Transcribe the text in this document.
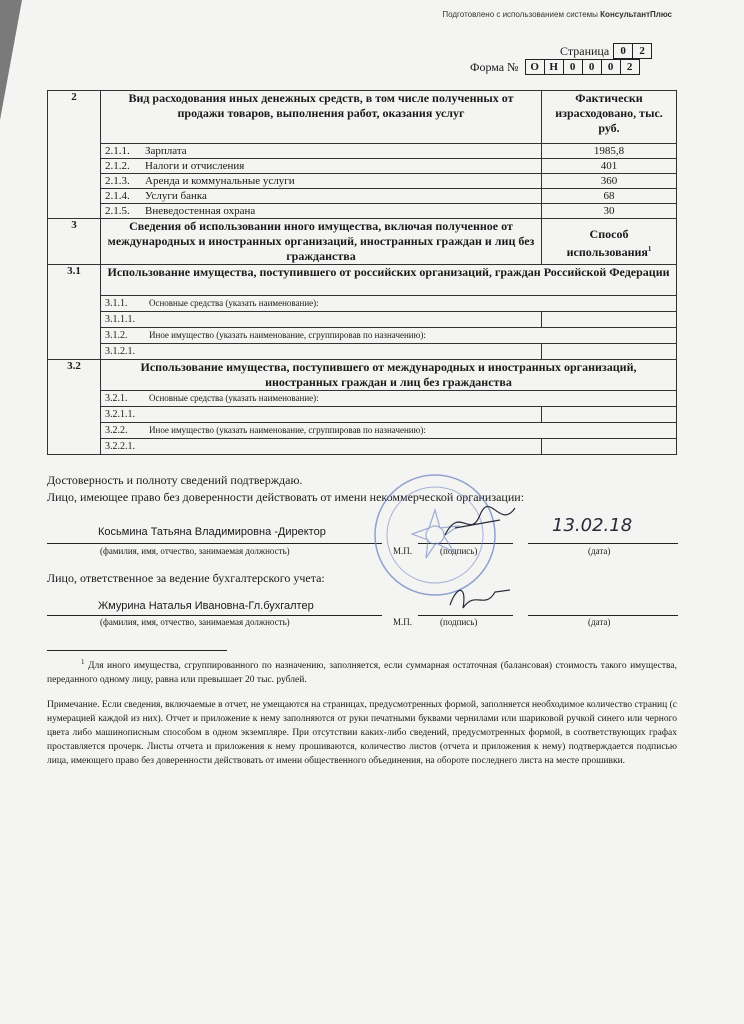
Подготовлено с использованием системы КонсультантПлюс
Страница	0	2
Форма №	О Н	0	0	0	2
2	Вид расходования иных денежных средств, в том числе полученных от продажи товаров, выполнения работ, оказания услуг	Фактически израсходовано, тыс. руб.
	2.1.1. Зарплата	1985,8
	2.1.2. Налоги и отчисления	401
	2.1.3. Аренда и коммунальные услуги	360
	2.1.4. Услуги банка	68
	2.1.5. Вневедостенная охрана	30
3	Сведения об использовании иного имущества, включая полученное от международных и иностранных организаций, иностранных граждан и лиц без гражданства	Способ использования$^1$
3.1	Использование имущества, поступившего от российских организаций, граждан Российской Федерации	
	3.1.1. Основные средства (указать наименование):	
	3.1.1.1.	
	3.1.2. Иное имущество (указать наименование, сгруппировав по назначению):	
	3.1.2.1.	
3.2	Использование имущества, поступившего от международных и иностранных организаций, иностранных граждан и лиц без гражданства	
	3.2.1. Основные средства (указать наименование):	
	3.2.1.1.	
	3.2.2. Иное имущество (указать наименование, сгруппировав по назначению):	
	3.2.2.1.	
Достоверность и полноту сведений подтверждаю.
Лицо, имеющее право без доверенности действовать от имени некоммерческой организации:
Косьмина Татьяна Владимировна -Директор	13.02.18
(фамилия, имя, отчество, занимаемая должность)	М.П.	(подпись)	(дата)
Лицо, ответственное за ведение бухгалтерского учета:
Жмурина Наталья Ивановна-Гл.бухгалтер
(фамилия, имя, отчество, занимаемая должность)	М.П.	(подпись)	(дата)
$^1$ Для иного имущества, сгруппированного по назначению, заполняется, если суммарная остаточная (балансовая) стоимость такого имущества, переданного одному лицу, равна или превышает 20 тыс. рублей.
Примечание. Если сведения, включаемые в отчет, не умещаются на страницах, предусмотренных формой, заполняется необходимое количество страниц (с нумерацией каждой из них). Отчет и приложение к нему заполняются от руки печатными буквами чернилами или шариковой ручкой синего или черного цвета либо машинописным способом в одном экземпляре. При отсутствии каких-либо сведений, предусмотренных формой, в соответствующих графах проставляется прочерк. Листы отчета и приложения к нему прошиваются, количество листов (отчета и приложения к нему) подтверждается подписью лица, имеющего право без доверенности действовать от имени общественного объединения, на обороте последнего листа на месте прошивки.
